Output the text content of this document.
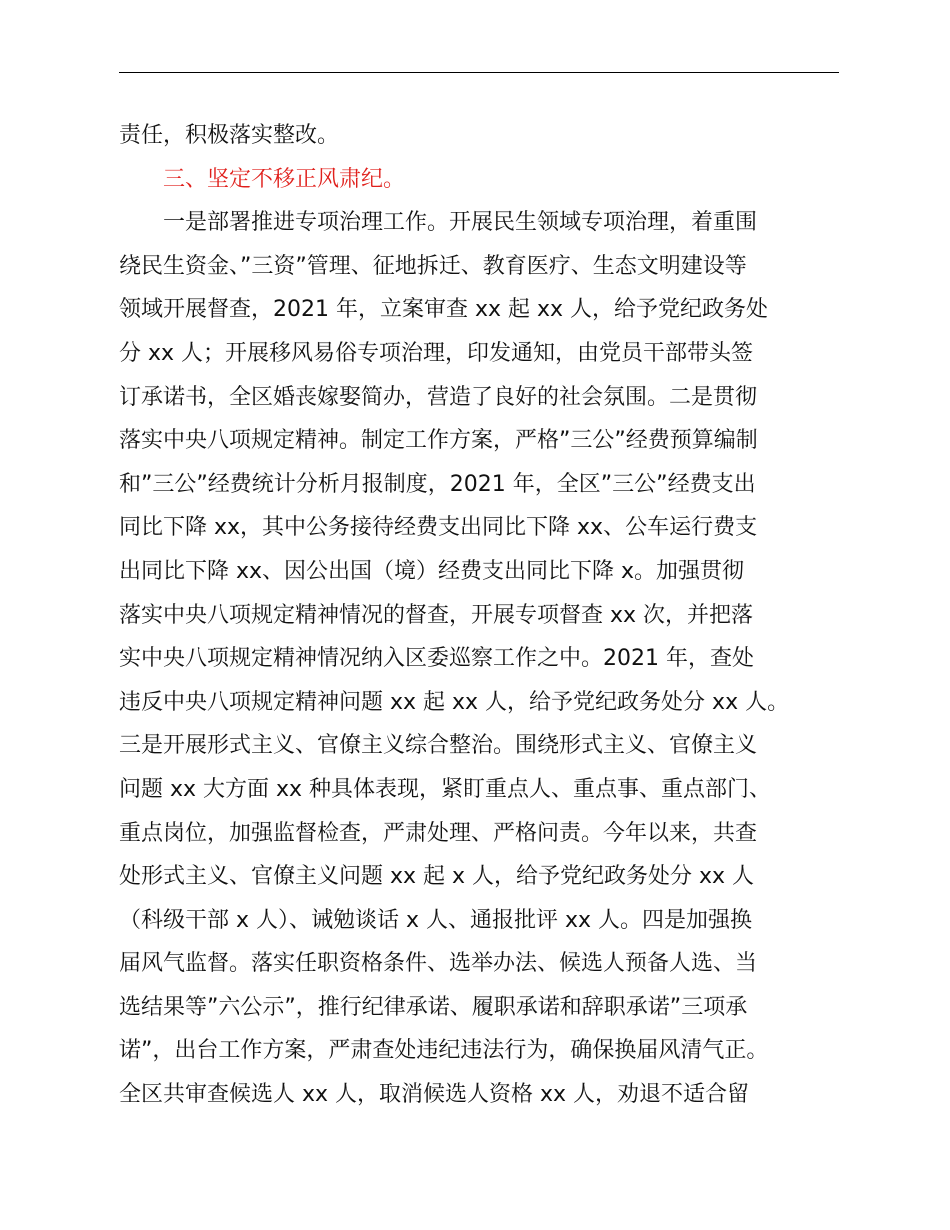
责任，积极落实整改。
三、坚定不移正风肃纪。
一是部署推进专项治理工作。开展民生领域专项治理，着重围
绕民生资金、”三资”管理、征地拆迁、教育医疗、生态文明建设等
领域开展督查，2021 年，立案审查 xx 起 xx 人，给予党纪政务处
分 xx 人；开展移风易俗专项治理，印发通知，由党员干部带头签
订承诺书，全区婚丧嫁娶简办，营造了良好的社会氛围。二是贯彻
落实中央八项规定精神。制定工作方案，严格”三公”经费预算编制
和”三公”经费统计分析月报制度，2021 年，全区”三公”经费支出
同比下降 xx，其中公务接待经费支出同比下降 xx、公车运行费支
出同比下降 xx、因公出国（境）经费支出同比下降 x。加强贯彻
落实中央八项规定精神情况的督查，开展专项督查 xx 次，并把落
实中央八项规定精神情况纳入区委巡察工作之中。2021 年，查处
违反中央八项规定精神问题 xx 起 xx 人，给予党纪政务处分 xx 人。
三是开展形式主义、官僚主义综合整治。围绕形式主义、官僚主义
问题 xx 大方面 xx 种具体表现，紧盯重点人、重点事、重点部门、
重点岗位，加强监督检查，严肃处理、严格问责。今年以来，共查
处形式主义、官僚主义问题 xx 起 x 人，给予党纪政务处分 xx 人
（科级干部 x 人）、诫勉谈话 x 人、通报批评 xx 人。四是加强换
届风气监督。落实任职资格条件、选举办法、候选人预备人选、当
选结果等”六公示”，推行纪律承诺、履职承诺和辞职承诺”三项承
诺”，出台工作方案，严肃查处违纪违法行为，确保换届风清气正。
全区共审查候选人 xx 人，取消候选人资格 xx 人，劝退不适合留
